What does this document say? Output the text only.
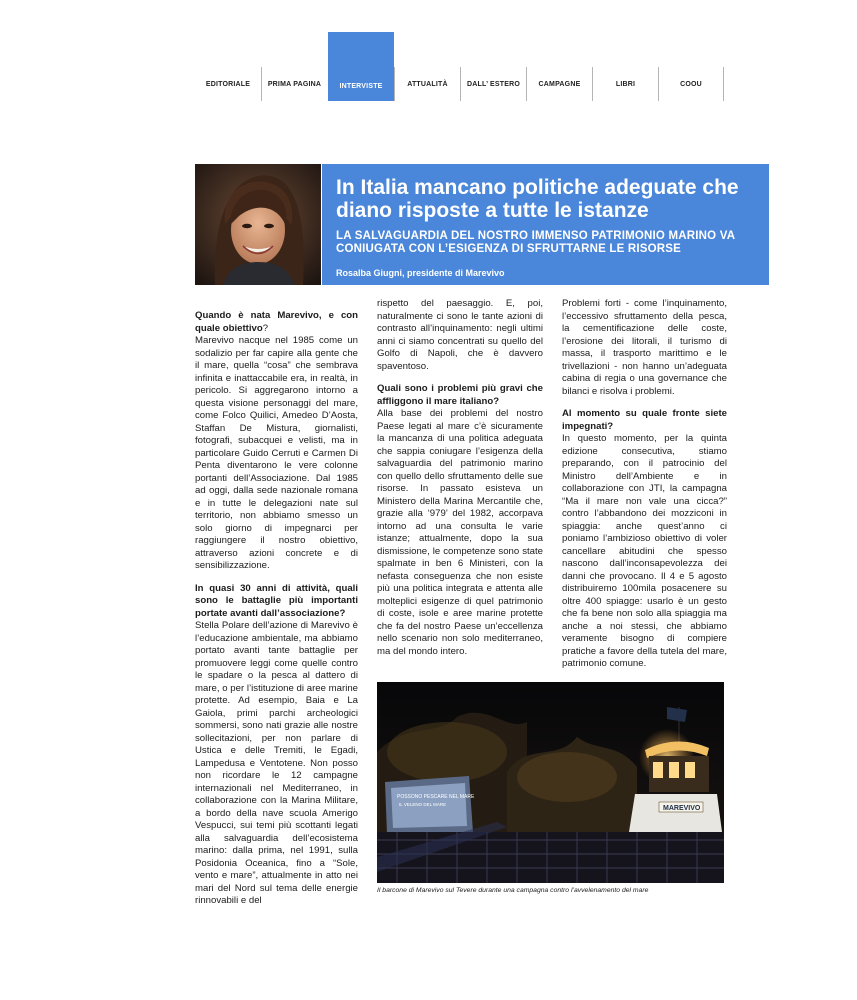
EDITORIALE	PRIMA PAGINA	INTERVISTE	ATTUALITÀ	DALL’ ESTERO	CAMPAGNE	LIBRI	COOU
In Italia mancano politiche adeguate che diano risposte a tutte le istanze
LA SALVAGUARDIA DEL NOSTRO IMMENSO PATRIMONIO MARINO VA CONIUGATA CON L’ESIGENZA DI SFRUTTARNE LE RISORSE
Rosalba Giugni, presidente di Marevivo

Quando è nata Marevivo, e con quale obiettivo?

Marevivo nacque nel 1985 come un sodalizio per far capire alla gente che il mare, quella “cosa” che sembrava infinita e inattaccabile era, in realtà, in pericolo. Si aggregarono intorno a questa visione personaggi del mare, come Folco Quilici, Amedeo D’Aosta, Staffan De Mistura, giornalisti, fotografi, subacquei e velisti, ma in particolare Guido Cerruti e Carmen Di Penta diventarono le vere colonne portanti dell’Associazione. Dal 1985 ad oggi, dalla sede nazionale romana e in tutte le delegazioni nate sul territorio, non abbiamo smesso un solo giorno di impegnarci per raggiungere il nostro obiettivo, attraverso azioni concrete e di sensibilizzazione.

In quasi 30 anni di attività, quali sono le battaglie più importanti portate avanti dall’associazione?

Stella Polare dell’azione di Marevivo è l’educazione ambientale, ma abbiamo portato avanti tante battaglie per promuovere leggi come quelle contro le spadare o la pesca al dattero di mare, o per l’istituzione di aree marine protette. Ad esempio, Baia e La Gaiola, primi parchi archeologici sommersi, sono nati grazie alle nostre sollecitazioni, per non parlare di Ustica e delle Tremiti, le Egadi, Lampedusa e Ventotene. Non posso non ricordare le 12 campagne internazionali nel Mediterraneo, in collaborazione con la Marina Militare, a bordo della nave scuola Amerigo Vespucci, sui temi più scottanti legati alla salvaguardia dell’ecosistema marino: dalla prima, nel 1991, sulla Posidonia Oceanica, fino a “Sole, vento e mare”, attualmente in atto nei mari del Nord sul tema delle energie rinnovabili e del

rispetto del paesaggio. E, poi, naturalmente ci sono le tante azioni di contrasto all’inquinamento: negli ultimi anni ci siamo concentrati su quello del Golfo di Napoli, che è davvero spaventoso.

Quali sono i problemi più gravi che affliggono il mare italiano?

Alla base dei problemi del nostro Paese legati al mare c’è sicuramente la mancanza di una politica adeguata che sappia coniugare l’esigenza della salvaguardia del patrimonio marino con quello dello sfruttamento delle sue risorse. In passato esisteva un Ministero della Marina Mercantile che, grazie alla ‘979’ del 1982, accorpava intorno ad una consulta le varie istanze; attualmente, dopo la sua dismissione, le competenze sono state spalmate in ben 6 Ministeri, con la nefasta conseguenza che non esiste più una politica integrata e attenta alle molteplici esigenze di quel patrimonio di coste, isole e aree marine protette che fa del nostro Paese un’eccellenza nello scenario non solo mediterraneo, ma del mondo intero.

Problemi forti - come l’inquinamento, l’eccessivo sfruttamento della pesca, la cementificazione delle coste, l’erosione dei litorali, il turismo di massa, il trasporto marittimo e le trivellazioni - non hanno un’adeguata cabina di regia o una governance che bilanci e risolva i problemi.

Al momento su quale fronte siete impegnati?

In questo momento, per la quinta edizione consecutiva, stiamo preparando, con il patrocinio del Ministro dell’Ambiente e in collaborazione con JTI, la campagna “Ma il mare non vale una cicca?” contro l’abbandono dei mozziconi in spiaggia: anche quest’anno ci poniamo l’ambizioso obiettivo di voler cancellare abitudini che spesso nascono dall’inconsapevolezza dei danni che provocano. Il 4 e 5 agosto distribuiremo 100mila posacenere su oltre 400 spiagge: usarlo è un gesto che fa bene non solo alla spiaggia ma anche a noi stessi, che abbiamo veramente bisogno di compiere pratiche a favore della tutela del mare, patrimonio comune.

POSSONO PESCARE NEL MARE
IL VELENO DEL MARE
MAREVIVO
Il barcone di Marevivo sul Tevere durante una campagna contro l’avvelenamento del mare
